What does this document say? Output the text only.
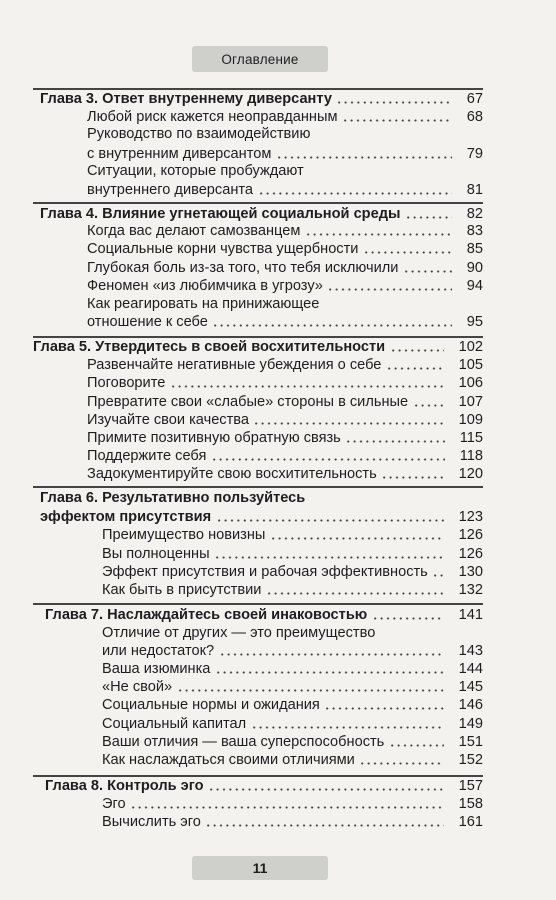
Оглавление
Глава 3. Ответ внутреннему диверсанту	67
Любой риск кажется неоправданным	68
Руководство по взаимодействию
с внутренним диверсантом	79
Ситуации, которые пробуждают
внутреннего диверсанта	81
Глава 4. Влияние угнетающей социальной среды	82
Когда вас делают самозванцем	83
Социальные корни чувства ущербности	85
Глубокая боль из-за того, что тебя исключили	90
Феномен «из любимчика в угрозу»	94
Как реагировать на принижающее
отношение к себе	95
Глава 5. Утвердитесь в своей восхитительности	102
Развенчайте негативные убеждения о себе	105
Поговорите	106
Превратите свои «слабые» стороны в сильные	107
Изучайте свои качества	109
Примите позитивную обратную связь	115
Поддержите себя	118
Задокументируйте свою восхитительность	120
Глава 6. Результативно пользуйтесь
эффектом присутствия	123
Преимущество новизны	126
Вы полноценны	126
Эффект присутствия и рабочая эффективность 130
Как быть в присутствии	132
Глава 7. Наслаждайтесь своей инаковостью	141
Отличие от других — это преимущество
или недостаток?	143
Ваша изюминка	144
«Не свой»	145
Социальные нормы и ожидания	146
Социальный капитал	149
Ваши отличия — ваша суперспособность	151
Как наслаждаться своими отличиями	152
Глава 8. Контроль эго	157
Эго	158
Вычислить эго	161
11
